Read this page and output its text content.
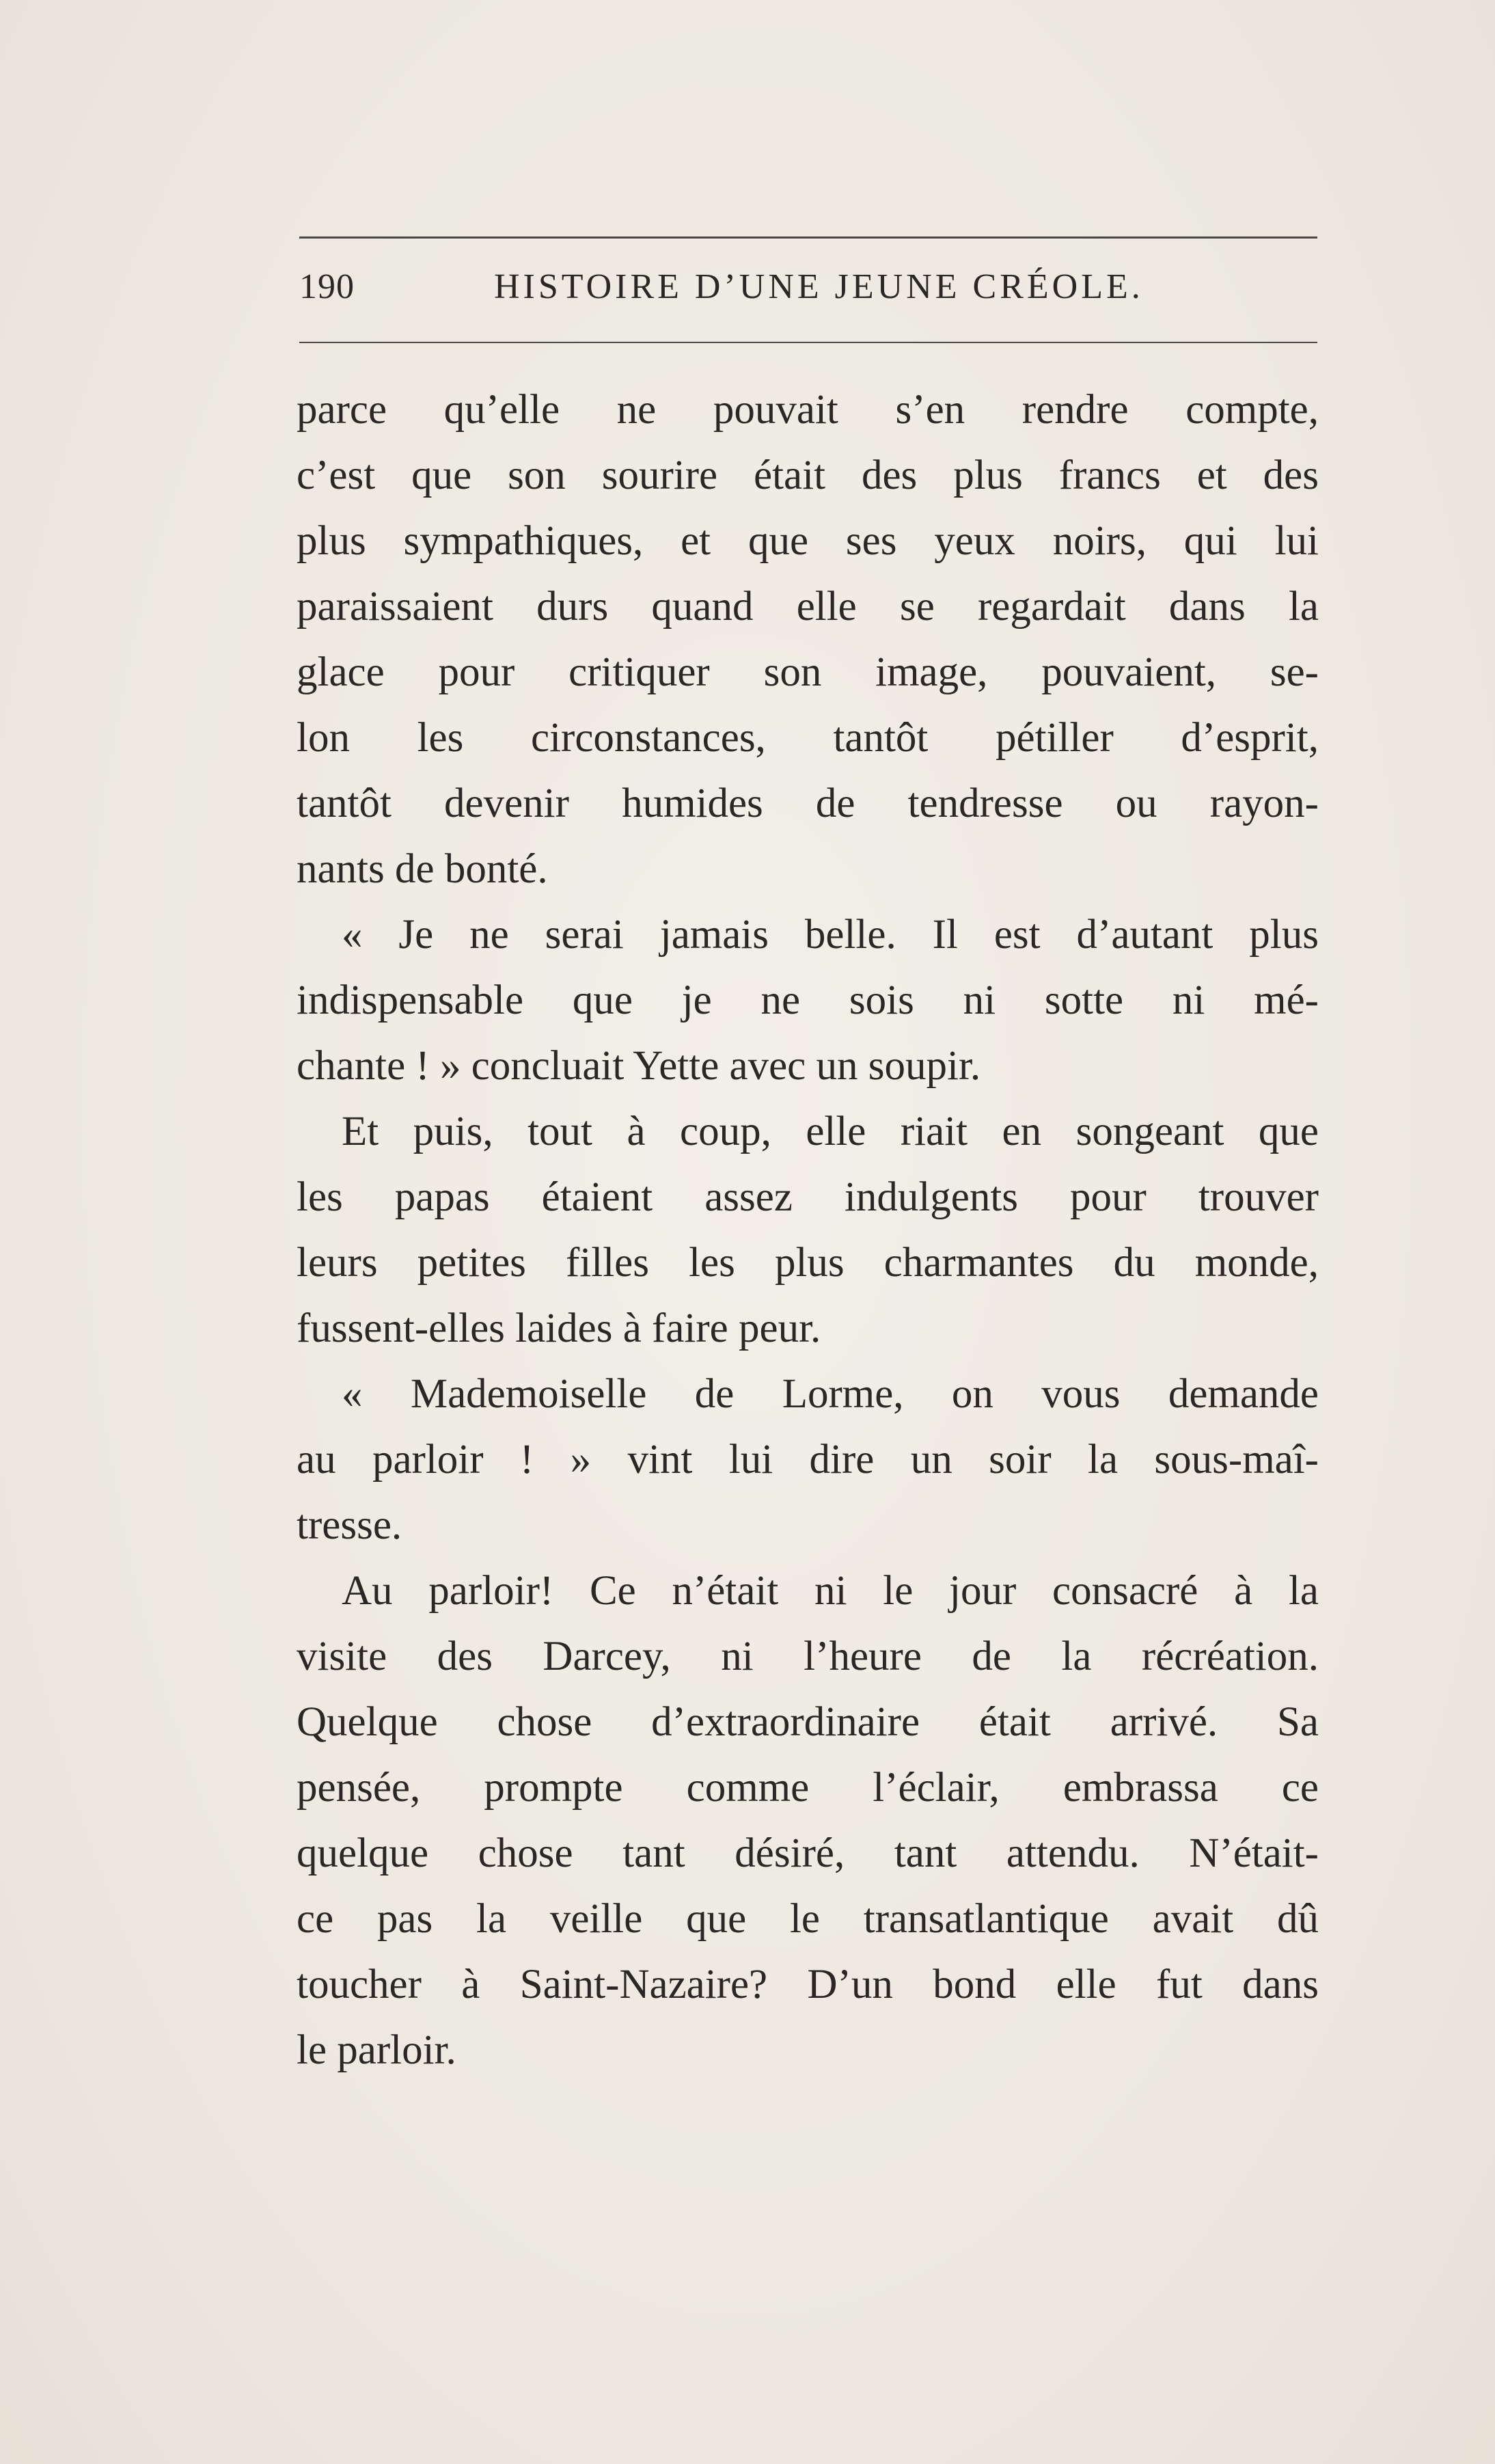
190	HISTOIRE D’UNE JEUNE CRÉOLE.
parce qu’elle ne pouvait s’en rendre compte,
c’est que son sourire était des plus francs et des
plus sympathiques, et que ses yeux noirs, qui lui
paraissaient durs quand elle se regardait dans la
glace pour critiquer son image, pouvaient, se-
lon les circonstances, tantôt pétiller d’esprit,
tantôt devenir humides de tendresse ou rayon-
nants de bonté.
« Je ne serai jamais belle. Il est d’autant plus
indispensable que je ne sois ni sotte ni mé-
chante ! » concluait Yette avec un soupir.
Et puis, tout à coup, elle riait en songeant que
les papas étaient assez indulgents pour trouver
leurs petites filles les plus charmantes du monde,
fussent-elles laides à faire peur.
« Mademoiselle de Lorme, on vous demande
au parloir ! » vint lui dire un soir la sous-maî-
tresse.
Au parloir! Ce n’était ni le jour consacré à la
visite des Darcey, ni l’heure de la récréation.
Quelque chose d’extraordinaire était arrivé. Sa
pensée, prompte comme l’éclair, embrassa ce
quelque chose tant désiré, tant attendu. N’était-
ce pas la veille que le transatlantique avait dû
toucher à Saint-Nazaire? D’un bond elle fut dans
le parloir.
